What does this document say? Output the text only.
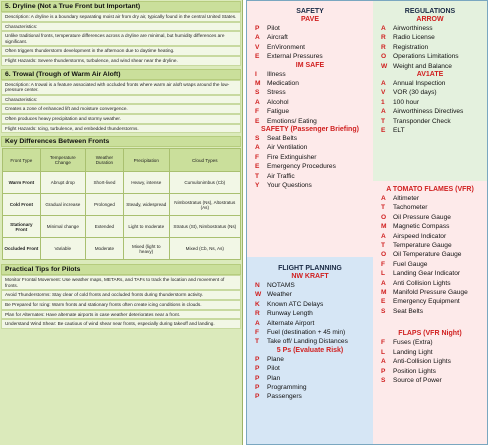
5. Dryline (Not a True Front but Important)
Description: A dryline is a boundary separating moist air from dry air, typically found in the central United States.
Characteristics:
Unlike traditional fronts, temperature differences across a dryline are minimal, but humidity differences are significant.
Often triggers thunderstorm development in the afternoon due to daytime heating.
Flight Hazards: Severe thunderstorms, turbulence, and wind shear near the dryline.
6. Trowal (Trough of Warm Air Aloft)
Description: A trowal is a feature associated with occluded fronts where warm air aloft wraps around the low-pressure center.
Characteristics:
Creates a zone of enhanced lift and moisture convergence.
Often produces heavy precipitation and stormy weather.
Flight Hazards: Icing, turbulence, and embedded thunderstorms.
Key Differences Between Fronts
Front Type	Temperature Change	Weather Duration	Precipitation	Cloud Types
Warm Front	Abrupt drop	Short-lived	Heavy, intense	Cumulonimbus (Cb)
Cold Front	Gradual increase	Prolonged	Steady, widespread	Nimbostratus (Ns), Altostratus (As)
Stationary Front	Minimal change	Extended	Light to moderate	Stratus (St), Nimbostratus (Ns)
Occluded Front	Variable	Moderate	Mixed (light to heavy)	Mixed (Cb, Ns, As)
Practical Tips for Pilots
Monitor Frontal Movement: Use weather maps, METARs, and TAFs to track the location and movement of fronts.
Avoid Thunderstorms: Stay clear of cold fronts and occluded fronts during thunderstorm activity.
Be Prepared for Icing: Warm fronts and stationary fronts often create icing conditions in clouds.
Plan for Alternates: Have alternate airports in case weather deteriorates near a front.
Understand Wind Shear: Be cautious of wind shear near fronts, especially during takeoff and landing.
SAFETY
PAVE
P Pilot
A Aircraft
V EnVironment
E External Pressures
IM SAFE
I Illness
M Medication
S Stress
A Alcohol
F Fatigue
E Emotions/ Eating
SAFETY (Passenger Briefing)
S Seat Belts
A Air Ventilation
F Fire Extinguisher
E Emergency Procedures
T Air Traffic
Y Your Questions
FLIGHT PLANNING
NW KRAFT
N NOTAMS
W Weather
K Known ATC Delays
R Runway Length
A Alternate Airport
F Fuel (destination + 45 min)
T Take off/ Landing Distances
5 Ps (Evaluate Risk)
P Plane
P Pilot
P Plan
P Programming
P Passengers
REGULATIONS
ARROW
A Airworthiness
R Radio License
R Registration
O Operations Limitations
W Weight and Balance
AV1ATE
A Annual Inspection
V VOR (30 days)
1 100 hour
A Airworthiness Directives
T Transponder Check
E ELT
A TOMATO FLAMES (VFR)
A Altimeter
T Tachometer
O Oil Pressure Gauge
M Magnetic Compass
A Airspeed Indicator
T Temperature Gauge
O Oil Temperature Gauge
F Fuel Gauge
L Landing Gear Indicator
A Anti Collision Lights
M Manifold Pressure Gauge
E Emergency Equipment
S Seat Belts
FLAPS (VFR Night)
F Fuses (Extra)
L Landing Light
A Anti-Collision Lights
P Position Lights
S Source of Power
